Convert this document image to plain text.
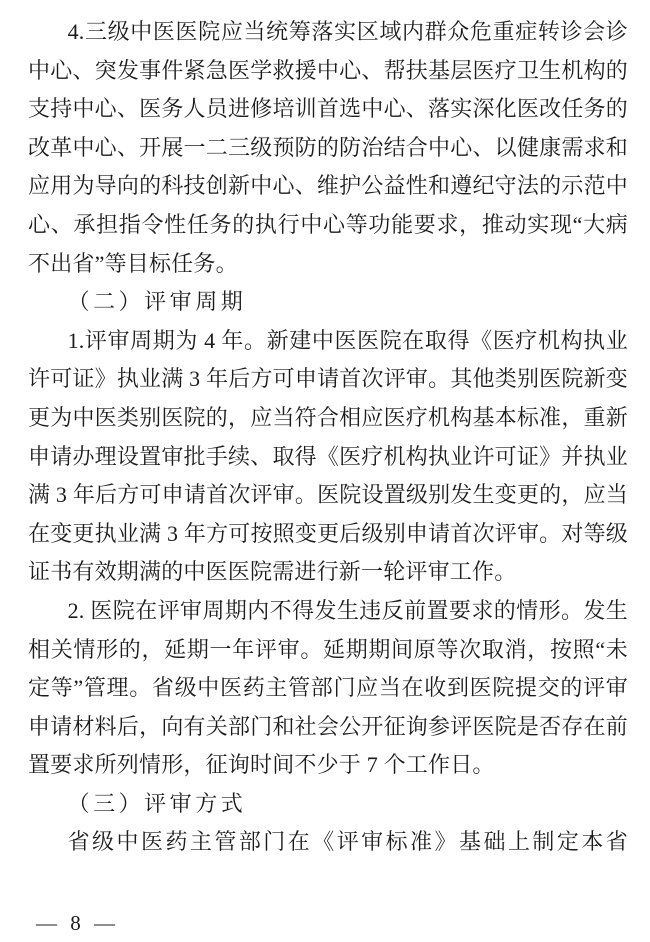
4.三级中医医院应当统筹落实区域内群众危重症转诊会诊
中心、突发事件紧急医学救援中心、帮扶基层医疗卫生机构的
支持中心、医务人员进修培训首选中心、落实深化医改任务的
改革中心、开展一二三级预防的防治结合中心、以健康需求和
应用为导向的科技创新中心、维护公益性和遵纪守法的示范中
心、承担指令性任务的执行中心等功能要求，推动实现“大病
不出省”等目标任务。
（二）评审周期
1.评审周期为 4 年。新建中医医院在取得《医疗机构执业
许可证》执业满 3 年后方可申请首次评审。其他类别医院新变
更为中医类别医院的，应当符合相应医疗机构基本标准，重新
申请办理设置审批手续、取得《医疗机构执业许可证》并执业
满 3 年后方可申请首次评审。医院设置级别发生变更的，应当
在变更执业满 3 年方可按照变更后级别申请首次评审。对等级
证书有效期满的中医医院需进行新一轮评审工作。
2. 医院在评审周期内不得发生违反前置要求的情形。发生
相关情形的，延期一年评审。延期期间原等次取消，按照“未
定等”管理。省级中医药主管部门应当在收到医院提交的评审
申请材料后，向有关部门和社会公开征询参评医院是否存在前
置要求所列情形，征询时间不少于 7 个工作日。
（三）评审方式
省级中医药主管部门在《评审标准》基础上制定本省
— 8 —
